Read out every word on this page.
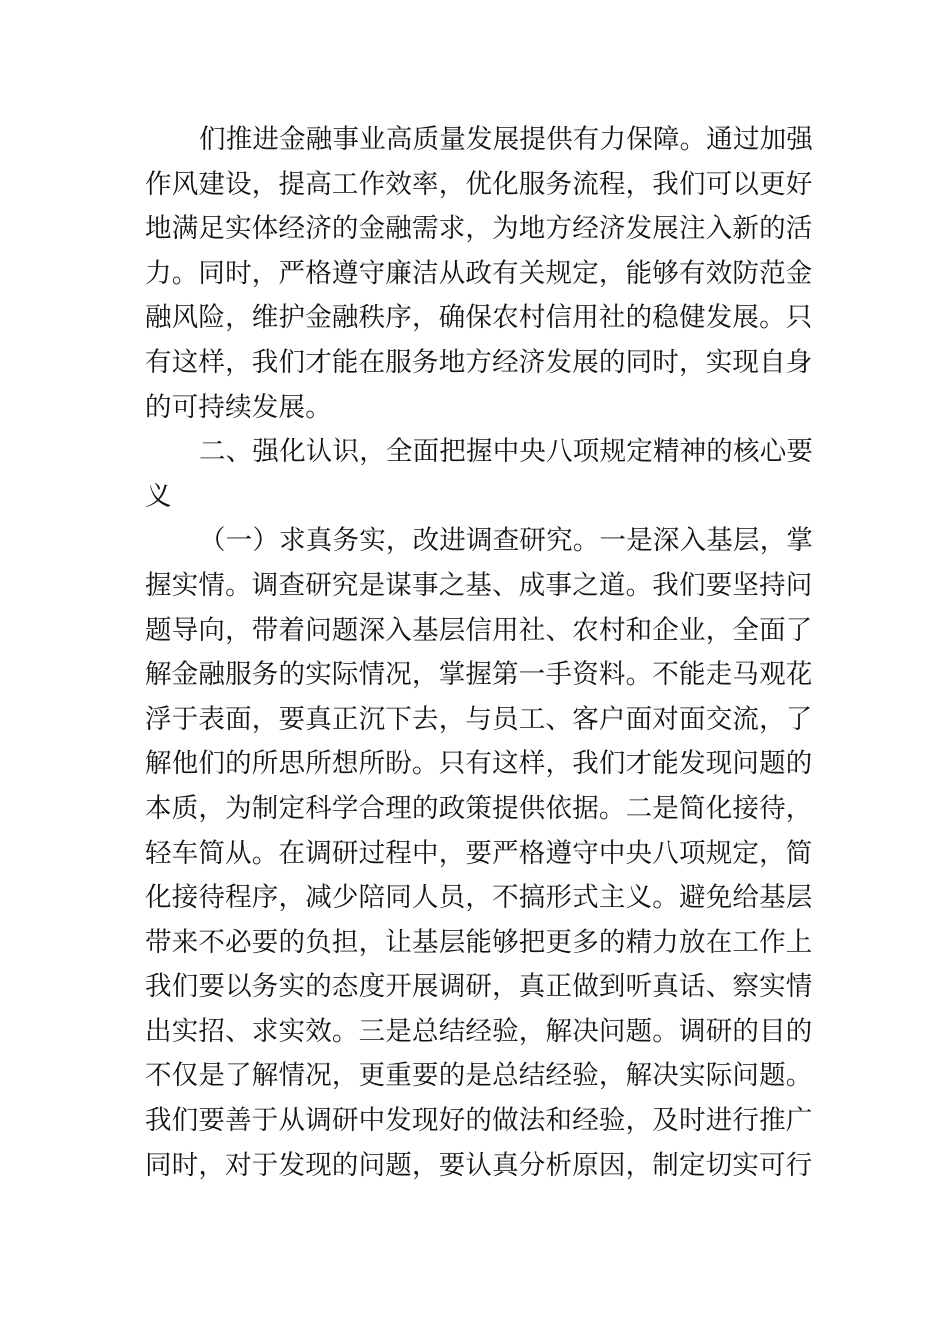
们推进金融事业高质量发展提供有力保障。通过加强
作风建设，提高工作效率，优化服务流程，我们可以更好
地满足实体经济的金融需求，为地方经济发展注入新的活
力。同时，严格遵守廉洁从政有关规定，能够有效防范金
融风险，维护金融秩序，确保农村信用社的稳健发展。只
有这样，我们才能在服务地方经济发展的同时，实现自身
的可持续发展。
二、强化认识，全面把握中央八项规定精神的核心要
义
（一）求真务实，改进调查研究。一是深入基层，掌
握实情。调查研究是谋事之基、成事之道。我们要坚持问
题导向，带着问题深入基层信用社、农村和企业，全面了
解金融服务的实际情况，掌握第一手资料。不能走马观花
浮于表面，要真正沉下去，与员工、客户面对面交流，了
解他们的所思所想所盼。只有这样，我们才能发现问题的
本质，为制定科学合理的政策提供依据。二是简化接待，
轻车简从。在调研过程中，要严格遵守中央八项规定，简
化接待程序，减少陪同人员，不搞形式主义。避免给基层
带来不必要的负担，让基层能够把更多的精力放在工作上
我们要以务实的态度开展调研，真正做到听真话、察实情
出实招、求实效。三是总结经验，解决问题。调研的目的
不仅是了解情况，更重要的是总结经验，解决实际问题。
我们要善于从调研中发现好的做法和经验，及时进行推广
同时，对于发现的问题，要认真分析原因，制定切实可行
